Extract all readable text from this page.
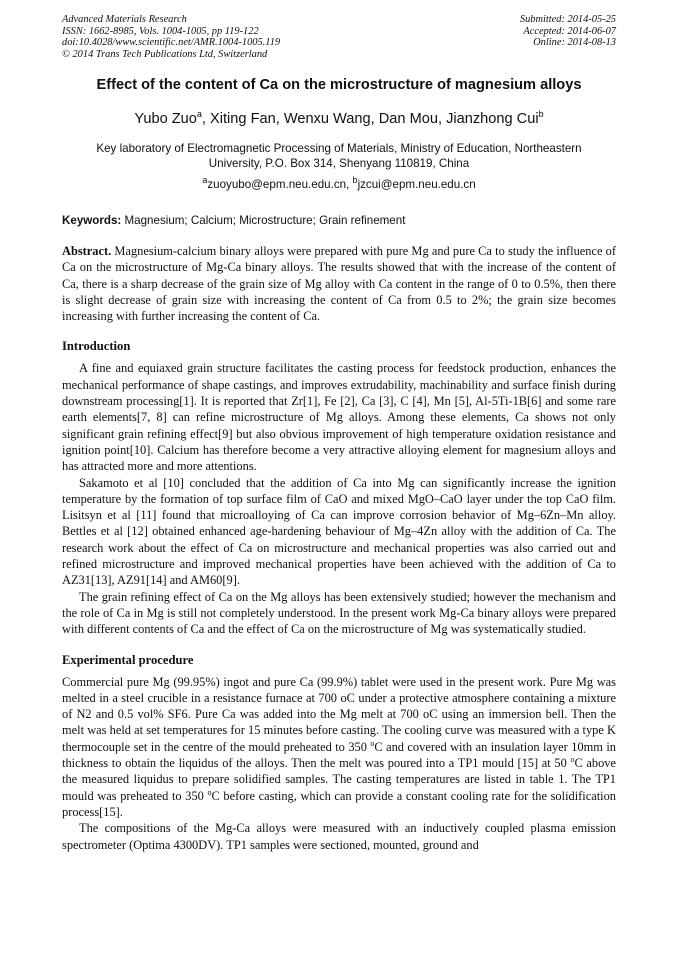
Advanced Materials Research
ISSN: 1662-8985, Vols. 1004-1005, pp 119-122
doi:10.4028/www.scientific.net/AMR.1004-1005.119
© 2014 Trans Tech Publications Ltd, Switzerland
Submitted: 2014-05-25
Accepted: 2014-06-07
Online: 2014-08-13
Effect of the content of Ca on the microstructure of magnesium alloys
Yubo Zuo$^a$, Xiting Fan, Wenxu Wang, Dan Mou, Jianzhong Cui$^b$
Key laboratory of Electromagnetic Processing of Materials, Ministry of Education, Northeastern
University, P.O. Box 314, Shenyang 110819, China
$^a$zuoyubo@epm.neu.edu.cn, $^b$jzcui@epm.neu.edu.cn
Keywords: Magnesium; Calcium; Microstructure; Grain refinement
Abstract. Magnesium-calcium binary alloys were prepared with pure Mg and pure Ca to study the influence of Ca on the microstructure of Mg-Ca binary alloys. The results showed that with the increase of the content of Ca, there is a sharp decrease of the grain size of Mg alloy with Ca content in the range of 0 to 0.5%, then there is slight decrease of grain size with increasing the content of Ca from 0.5 to 2%; the grain size becomes increasing with further increasing the content of Ca.
Introduction
A fine and equiaxed grain structure facilitates the casting process for feedstock production, enhances the mechanical performance of shape castings, and improves extrudability, machinability and surface finish during downstream processing[1]. It is reported that Zr[1], Fe [2], Ca [3], C [4], Mn [5], Al-5Ti-1B[6] and some rare earth elements[7, 8] can refine microstructure of Mg alloys. Among these elements, Ca shows not only significant grain refining effect[9] but also obvious improvement of high temperature oxidation resistance and ignition point[10]. Calcium has therefore become a very attractive alloying element for magnesium alloys and has attracted more and more attentions.
Sakamoto et al [10] concluded that the addition of Ca into Mg can significantly increase the ignition temperature by the formation of top surface film of CaO and mixed MgO–CaO layer under the top CaO film. Lisitsyn et al [11] found that microalloying of Ca can improve corrosion behavior of Mg–6Zn–Mn alloy. Bettles et al [12] obtained enhanced age-hardening behaviour of Mg–4Zn alloy with the addition of Ca. The research work about the effect of Ca on microstructure and mechanical properties was also carried out and refined microstructure and improved mechanical properties have been achieved with the addition of Ca to AZ31[13], AZ91[14] and AM60[9].
The grain refining effect of Ca on the Mg alloys has been extensively studied; however the mechanism and the role of Ca in Mg is still not completely understood. In the present work Mg-Ca binary alloys were prepared with different contents of Ca and the effect of Ca on the microstructure of Mg was systematically studied.
Experimental procedure
Commercial pure Mg (99.95%) ingot and pure Ca (99.9%) tablet were used in the present work. Pure Mg was melted in a steel crucible in a resistance furnace at 700 oC under a protective atmosphere containing a mixture of N2 and 0.5 vol% SF6. Pure Ca was added into the Mg melt at 700 oC using an immersion bell. Then the melt was held at set temperatures for 15 minutes before casting. The cooling curve was measured with a type K thermocouple set in the centre of the mould preheated to 350 $^o$C and covered with an insulation layer 10mm in thickness to obtain the liquidus of the alloys. Then the melt was poured into a TP1 mould [15] at 50 $^o$C above the measured liquidus to prepare solidified samples. The casting temperatures are listed in table 1. The TP1 mould was preheated to 350 $^o$C before casting, which can provide a constant cooling rate for the solidification process[15].
The compositions of the Mg-Ca alloys were measured with an inductively coupled plasma emission spectrometer (Optima 4300DV). TP1 samples were sectioned, mounted, ground and
